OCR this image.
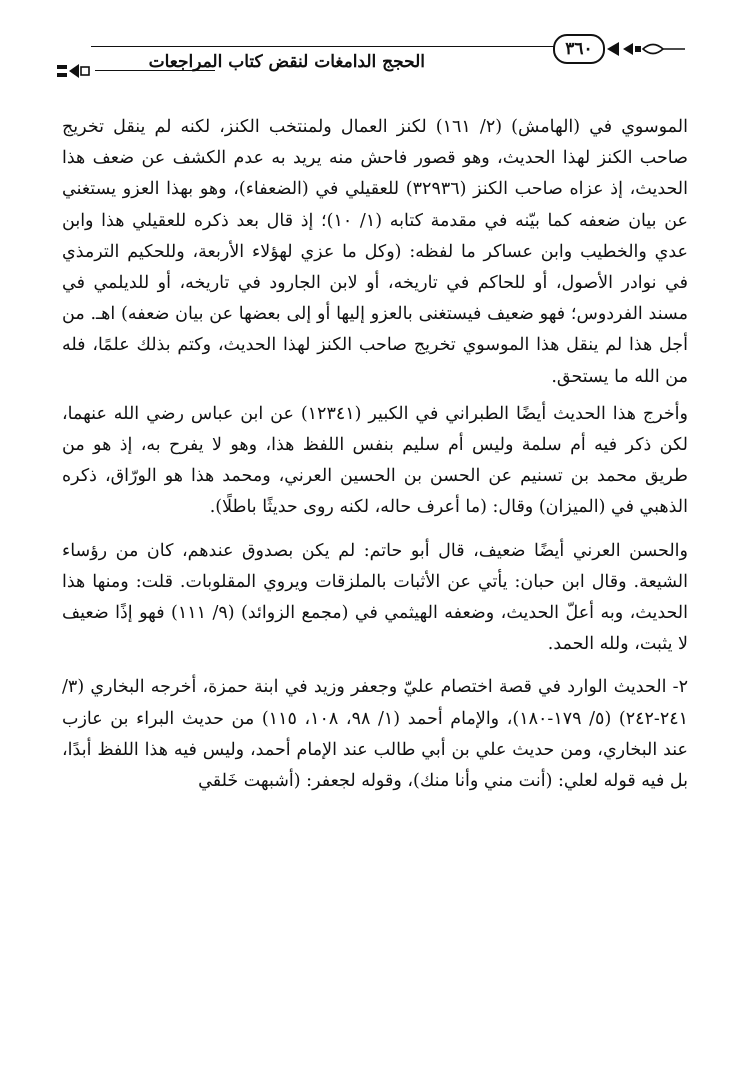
٣٦٠
الحجج الدامغات لنقض كتاب المراجعات

الموسوي في (الهامش) (٢/ ١٦١) لكنز العمال ولمنتخب الكنز، لكنه لم ينقل تخريج صاحب الكنز لهذا الحديث، وهو قصور فاحش منه يريد به عدم الكشف عن ضعف هذا الحديث، إذ عزاه صاحب الكنز (٣٢٩٣٦) للعقيلي في (الضعفاء)، وهو بهذا العزو يستغني عن بيان ضعفه كما بيّنه في مقدمة كتابه (١/ ١٠)؛ إذ قال بعد ذكره للعقيلي هذا وابن عدي والخطيب وابن عساكر ما لفظه: (وكل ما عزي لهؤلاء الأربعة، وللحكيم الترمذي في نوادر الأصول، أو للحاكم في تاريخه، أو لابن الجارود في تاريخه، أو للديلمي في مسند الفردوس؛ فهو ضعيف فيستغنى بالعزو إليها أو إلى بعضها عن بيان ضعفه) اهـ. من أجل هذا لم ينقل هذا الموسوي تخريج صاحب الكنز لهذا الحديث، وكتم بذلك علمًا، فله من الله ما يستحق.

وأخرج هذا الحديث أيضًا الطبراني في الكبير (١٢٣٤١) عن ابن عباس رضي الله عنهما، لكن ذكر فيه أم سلمة وليس أم سليم بنفس اللفظ هذا، وهو لا يفرح به، إذ هو من طريق محمد بن تسنيم عن الحسن بن الحسين العرني، ومحمد هذا هو الورّاق، ذكره الذهبي في (الميزان) وقال: (ما أعرف حاله، لكنه روى حديثًا باطلًا).

والحسن العرني أيضًا ضعيف، قال أبو حاتم: لم يكن بصدوق عندهم، كان من رؤساء الشيعة. وقال ابن حبان: يأتي عن الأثبات بالملزقات ويروي المقلوبات. قلت: ومنها هذا الحديث، وبه أعلّ الحديث، وضعفه الهيثمي في (مجمع الزوائد) (٩/ ١١١) فهو إذًا ضعيف لا يثبت، ولله الحمد.

٢- الحديث الوارد في قصة اختصام عليّ وجعفر وزيد في ابنة حمزة، أخرجه البخاري (٣/ ٢٤١-٢٤٢) (٥/ ١٧٩-١٨٠)، والإمام أحمد (١/ ٩٨، ١٠٨، ١١٥) من حديث البراء بن عازب عند البخاري، ومن حديث علي بن أبي طالب عند الإمام أحمد، وليس فيه هذا اللفظ أبدًا، بل فيه قوله لعلي: (أنت مني وأنا منك)، وقوله لجعفر: (أشبهت خَلقي
